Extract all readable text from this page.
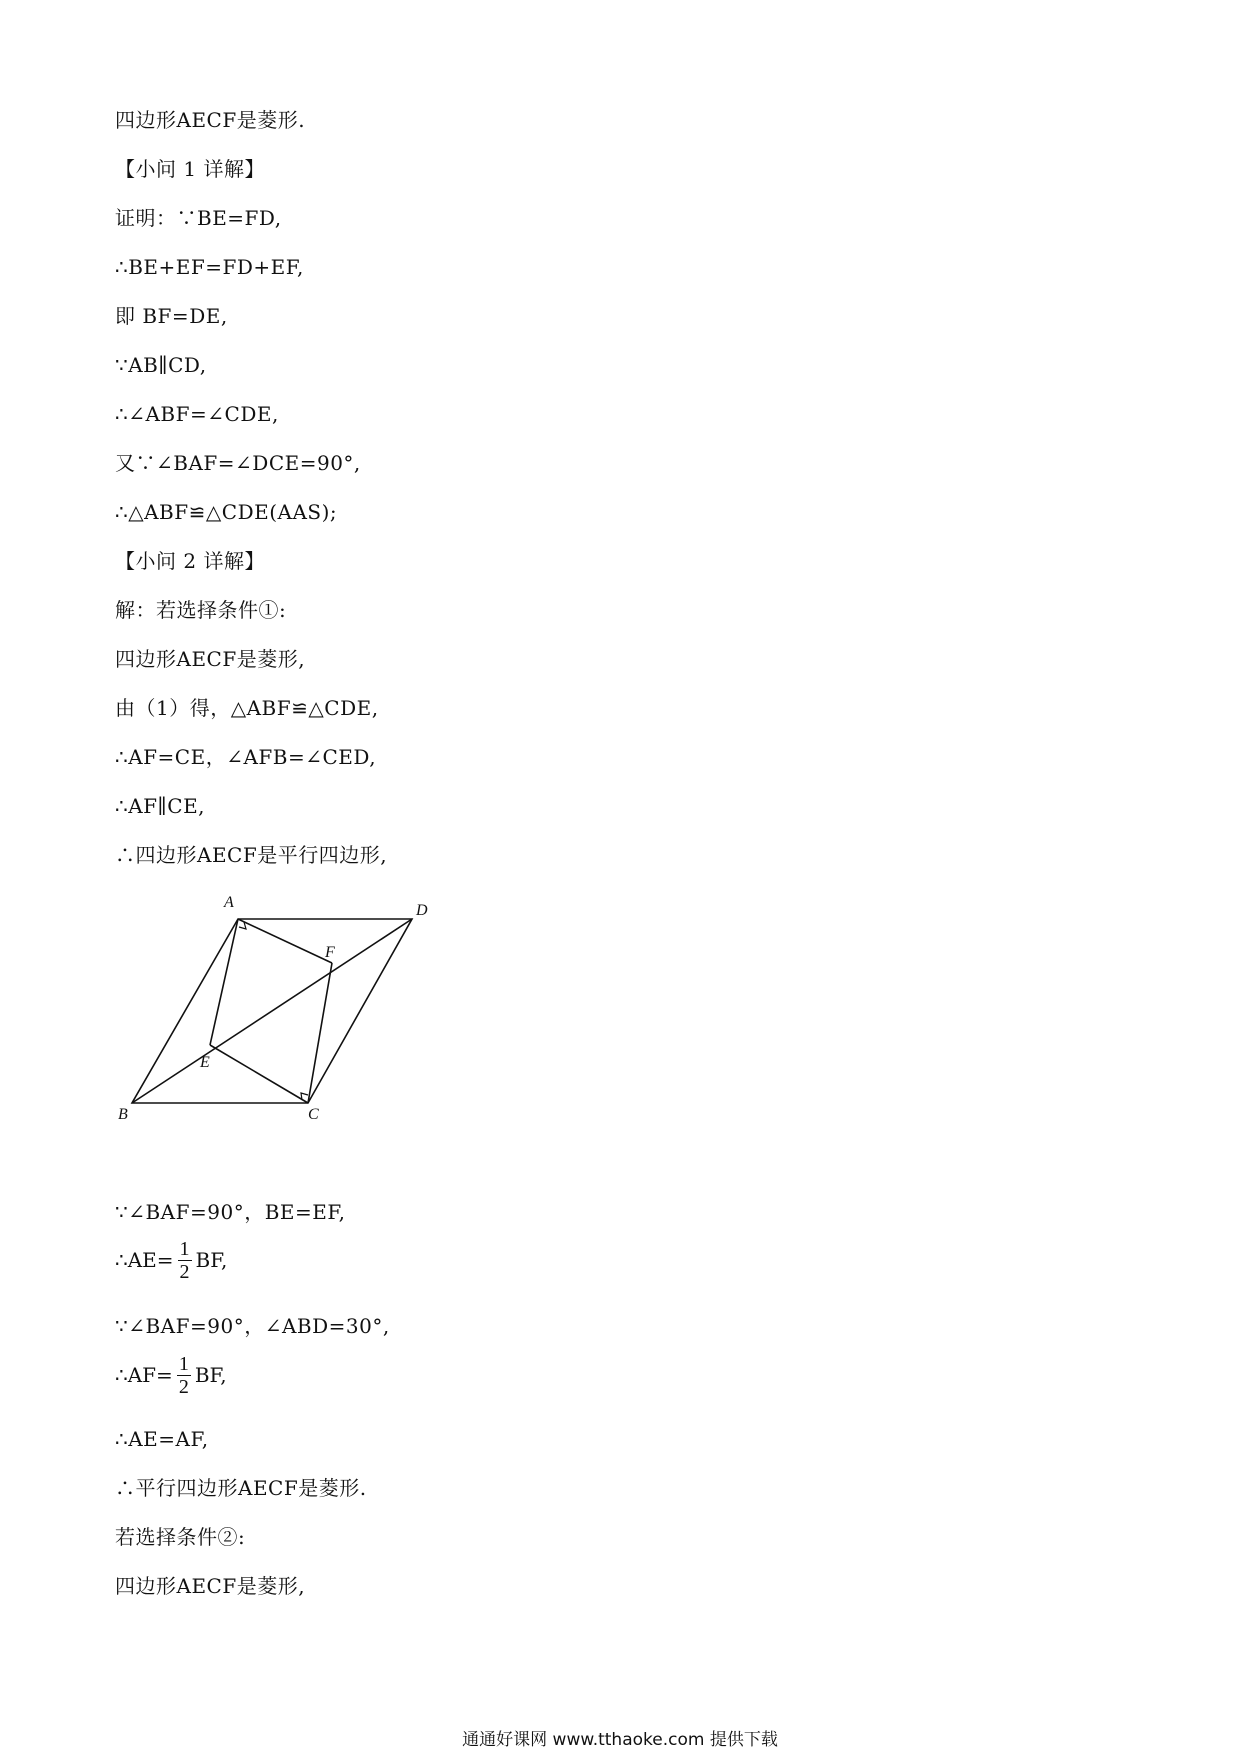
四边形AECF是菱形.
【小问 1 详解】
证明：∵BE=FD,
∴BE+EF=FD+EF,
即 BF=DE,
∵AB∥CD,
∴∠ABF=∠CDE,
又∵∠BAF=∠DCE=90°,
∴△ABF≌△CDE(AAS);
【小问 2 详解】
解：若选择条件①:
四边形AECF是菱形,
由（1）得，△ABF≌△CDE,
∴AF=CE，∠AFB=∠CED,
∴AF∥CE,
∴四边形AECF是平行四边形,
A	D
F
E
B	C
∵∠BAF=90°，BE=EF,
∴AE= $\frac{1}{2}$ BF,
∵∠BAF=90°，∠ABD=30°,
∴AF= $\frac{1}{2}$ BF,
∴AE=AF,
∴平行四边形AECF是菱形.
若选择条件②:
四边形AECF是菱形,
通通好课网 www.tthaoke.com 提供下载
